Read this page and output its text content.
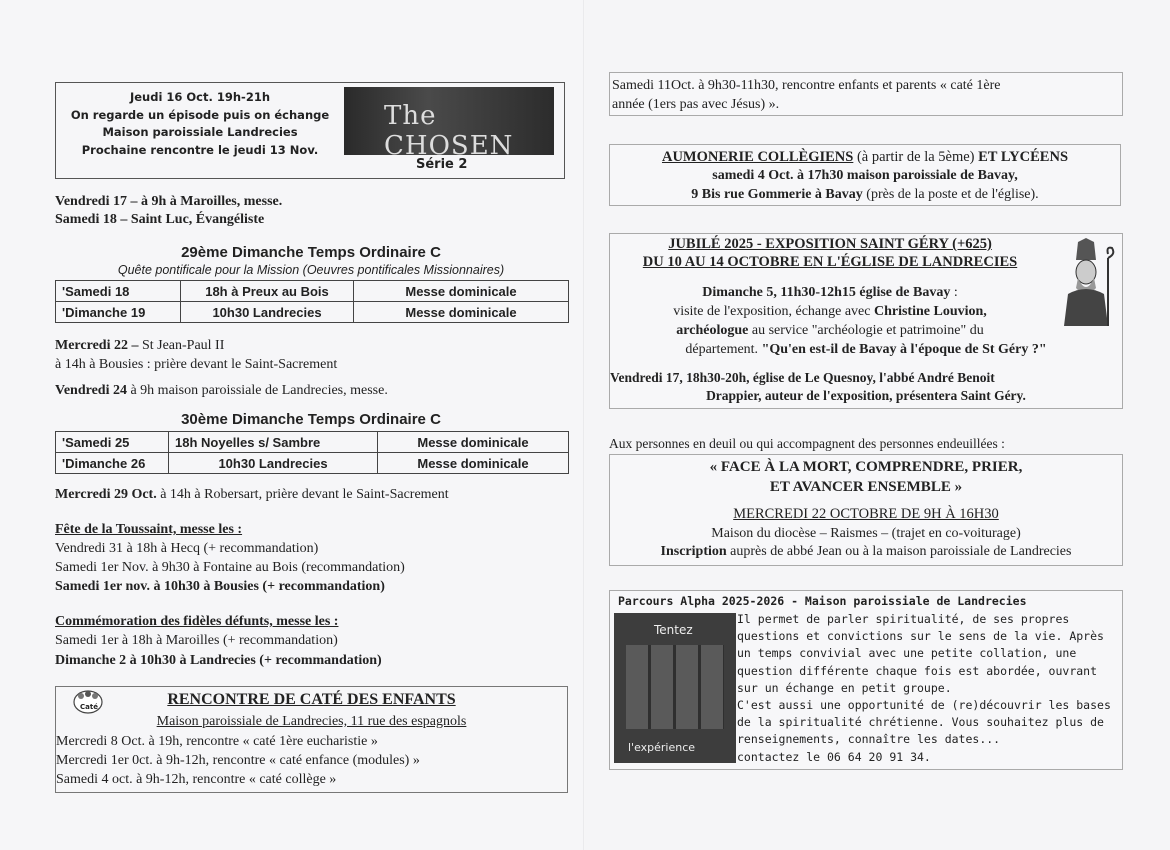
Jeudi 16 Oct. 19h-21h
On regarde un épisode puis on échange
Maison paroissiale Landrecies
Prochaine rencontre le jeudi 13 Nov.
The CHOSEN
Série 2

Vendredi 17 – à 9h à Maroilles, messe.

Samedi 18 – Saint Luc, Évangéliste

29ème Dimanche Temps Ordinaire C
Quête pontificale pour la Mission (Oeuvres pontificales Missionnaires)
'Samedi 18	18h à Preux au Bois	Messe dominicale
'Dimanche 19	10h30 Landrecies	Messe dominicale

Mercredi 22 – St Jean-Paul II

à 14h à Bousies : prière devant le Saint-Sacrement

Vendredi 24 à 9h maison paroissiale de Landrecies, messe.

30ème Dimanche Temps Ordinaire C
'Samedi 25	18h Noyelles s/ Sambre	Messe dominicale
'Dimanche 26	10h30 Landrecies	Messe dominicale

Mercredi 29 Oct. à 14h à Robersart, prière devant le Saint-Sacrement

Fête de la Toussaint, messe les :

Vendredi 31 à 18h à Hecq (+ recommandation)

Samedi 1er Nov. à 9h30 à Fontaine au Bois (recommandation)

Samedi 1er nov. à 10h30 à Bousies (+ recommandation)

Commémoration des fidèles défunts, messe les :

Samedi 1er à 18h à Maroilles (+ recommandation)

Dimanche 2 à 10h30 à Landrecies (+ recommandation)

Caté	RENCONTRE DE CATÉ DES ENFANTS
Maison paroissiale de Landrecies, 11 rue des espagnols

Mercredi 8 Oct. à 19h, rencontre « caté 1ère eucharistie »

Mercredi 1er 0ct. à 9h-12h, rencontre « caté enfance (modules) »

Samedi 4 oct. à 9h-12h, rencontre « caté collège »

Samedi 11Oct. à 9h30-11h30, rencontre enfants et parents « caté 1ère

année (1ers pas avec Jésus) ».

AUMONERIE COLLÈGIENS (à partir de la 5ème) ET LYCÉENS

samedi 4 Oct. à 17h30 maison paroissiale de Bavay,

9 Bis rue Gommerie à Bavay (près de la poste et de l'église).

JUBILÉ 2025 - EXPOSITION SAINT GÉRY (+625)

DU 10 AU 14 OCTOBRE EN L'ÉGLISE DE LANDRECIES

Dimanche 5, 11h30-12h15 église de Bavay :

visite de l'exposition, échange avec Christine Louvion,

archéologue au service "archéologie et patrimoine" du

département. "Qu'en est-il de Bavay à l'époque de St Géry ?"

Vendredi 17, 18h30-20h, église de Le Quesnoy, l'abbé André Benoit

Drappier, auteur de l'exposition, présentera Saint Géry.

Aux personnes en deuil ou qui accompagnent des personnes endeuillées :

« FACE À LA MORT, COMPRENDRE, PRIER,

ET AVANCER ENSEMBLE »

MERCREDI 22 OCTOBRE DE 9H À 16H30

Maison du diocèse – Raismes – (trajet en co-voiturage)

Inscription auprès de abbé Jean ou à la maison paroissiale de Landrecies

Parcours Alpha 2025-2026 - Maison paroissiale de Landrecies

Tentez
l'expérience
Il permet de parler spiritualité, de ses propres
questions et convictions sur le sens de la vie. Après
un temps convivial avec une petite collation, une
question différente chaque fois est abordée, ouvrant
sur un échange en petit groupe.
C'est aussi une opportunité de (re)découvrir les bases
de la spiritualité chrétienne. Vous souhaitez plus de
renseignements, connaître les dates...
contactez le 06 64 20 91 34.
